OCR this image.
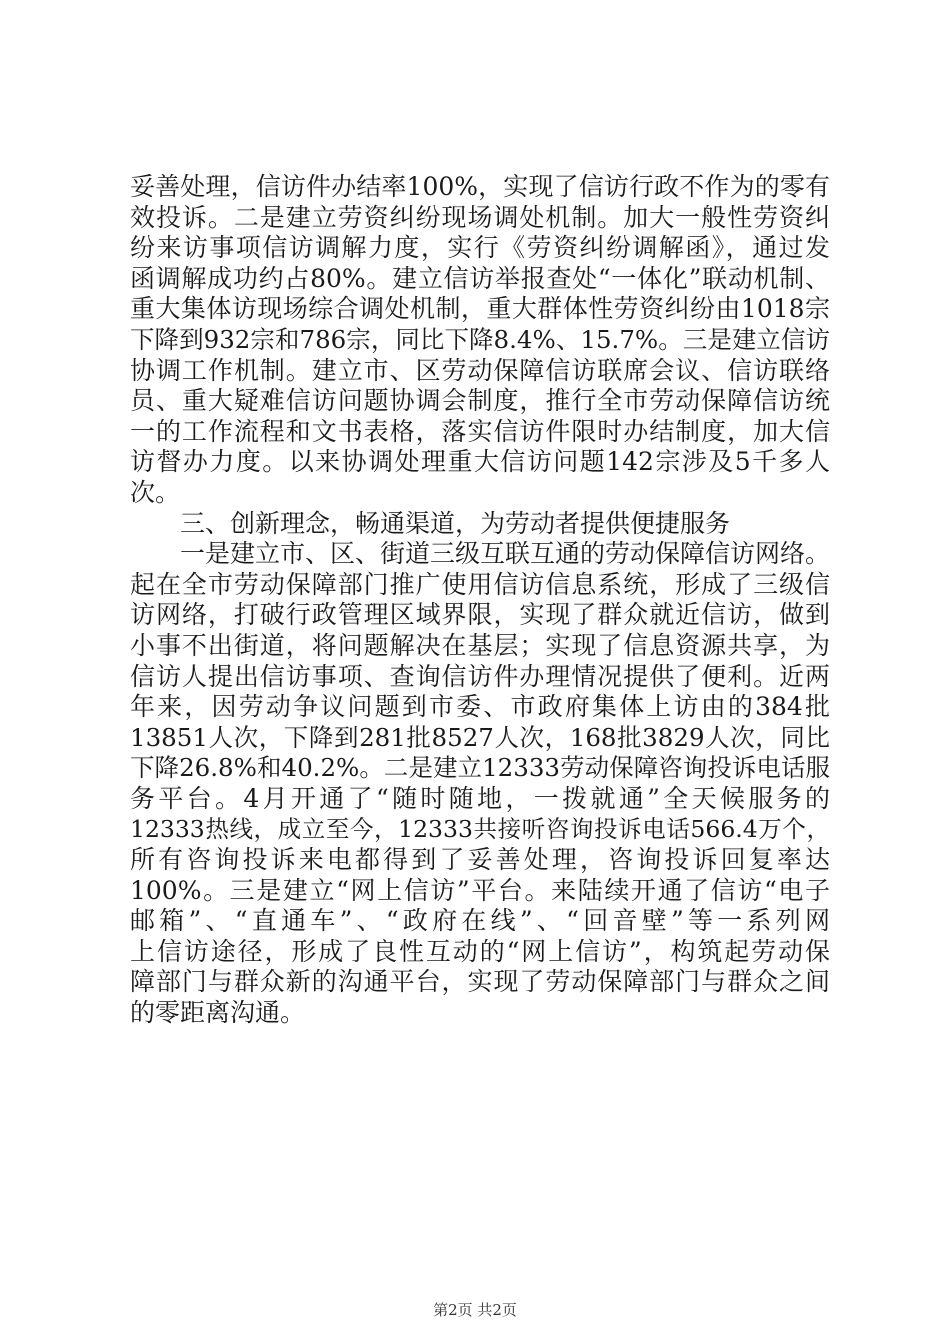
妥善处理，信访件办结率100%，实现了信访行政不作为的零有
效投诉。二是建立劳资纠纷现场调处机制。加大一般性劳资纠
纷来访事项信访调解力度，实行《劳资纠纷调解函》，通过发
函调解成功约占80%。建立信访举报查处“一体化”联动机制、
重大集体访现场综合调处机制，重大群体性劳资纠纷由1018宗
下降到932宗和786宗，同比下降8.4%、15.7%。三是建立信访
协调工作机制。建立市、区劳动保障信访联席会议、信访联络
员、重大疑难信访问题协调会制度，推行全市劳动保障信访统
一的工作流程和文书表格，落实信访件限时办结制度，加大信
访督办力度。以来协调处理重大信访问题142宗涉及5千多人
次。
三、创新理念，畅通渠道，为劳动者提供便捷服务
一是建立市、区、街道三级互联互通的劳动保障信访网络。
起在全市劳动保障部门推广使用信访信息系统，形成了三级信
访网络，打破行政管理区域界限，实现了群众就近信访，做到
小事不出街道，将问题解决在基层；实现了信息资源共享，为
信访人提出信访事项、查询信访件办理情况提供了便利。近两
年来，因劳动争议问题到市委、市政府集体上访由的384批
13851人次，下降到281批8527人次，168批3829人次，同比
下降26.8%和40.2%。二是建立12333劳动保障咨询投诉电话服
务平台。4月开通了“随时随地，一拨就通”全天候服务的
12333热线，成立至今，12333共接听咨询投诉电话566.4万个，
所有咨询投诉来电都得到了妥善处理，咨询投诉回复率达
100%。三是建立“网上信访”平台。来陆续开通了信访“电子
邮箱”、“直通车”、“政府在线”、“回音壁”等一系列网
上信访途径，形成了良性互动的“网上信访”，构筑起劳动保
障部门与群众新的沟通平台，实现了劳动保障部门与群众之间
的零距离沟通。
第2页 共2页
